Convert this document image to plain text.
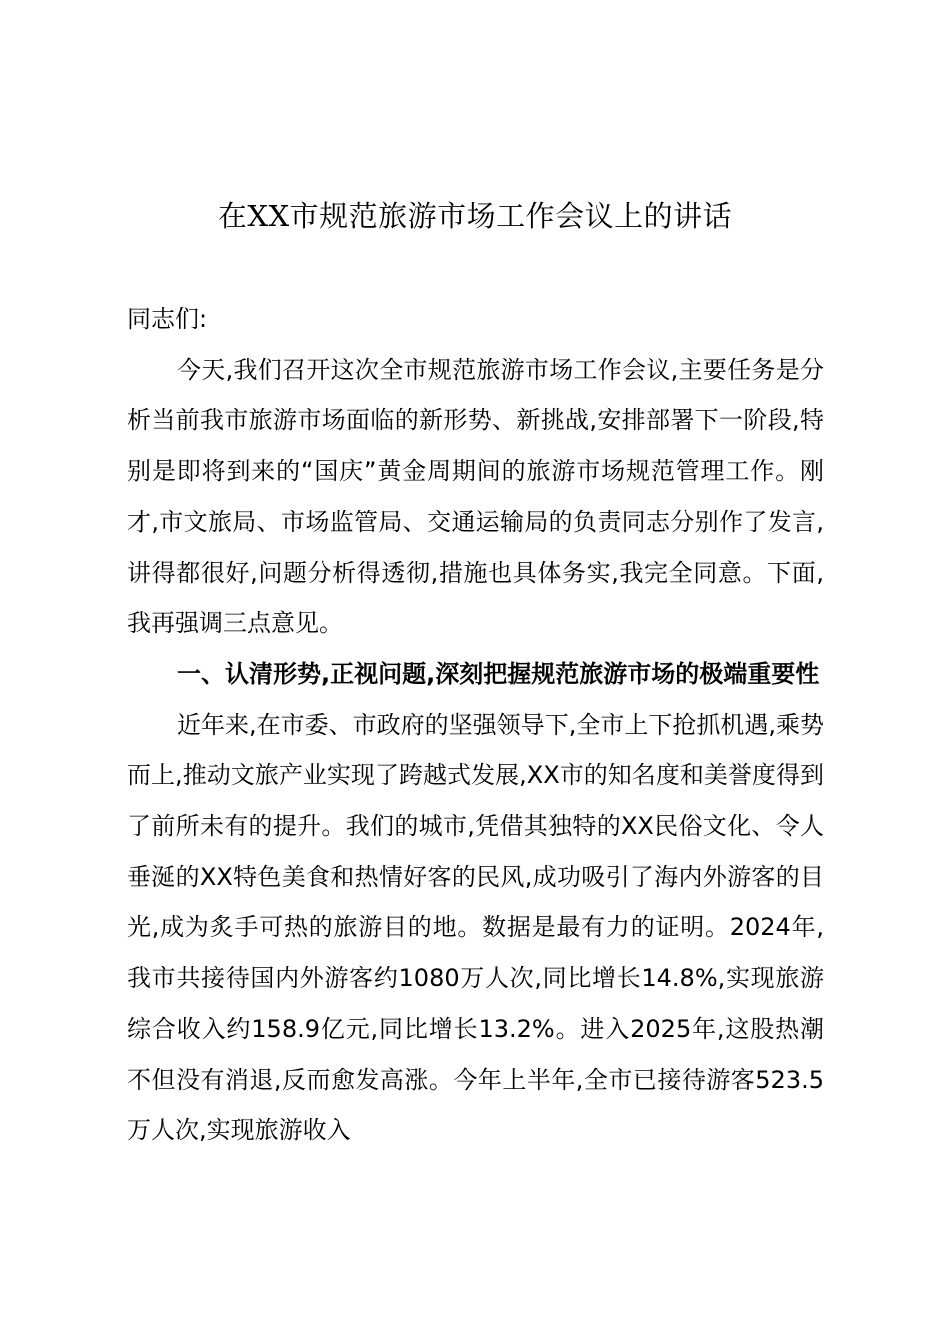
在XX市规范旅游市场工作会议上的讲话

同志们:

今天,我们召开这次全市规范旅游市场工作会议,主要任务是分析当前我市旅游市场面临的新形势、新挑战,安排部署下一阶段,特别是即将到来的“国庆”黄金周期间的旅游市场规范管理工作。刚才,市文旅局、市场监管局、交通运输局的负责同志分别作了发言,讲得都很好,问题分析得透彻,措施也具体务实,我完全同意。下面,我再强调三点意见。

一、认清形势,正视问题,深刻把握规范旅游市场的极端重要性

近年来,在市委、市政府的坚强领导下,全市上下抢抓机遇,乘势而上,推动文旅产业实现了跨越式发展,XX市的知名度和美誉度得到了前所未有的提升。我们的城市,凭借其独特的XX民俗文化、令人垂涎的XX特色美食和热情好客的民风,成功吸引了海内外游客的目光,成为炙手可热的旅游目的地。数据是最有力的证明。2024年,我市共接待国内外游客约1080万人次,同比增长14.8%,实现旅游综合收入约158.9亿元,同比增长13.2%。进入2025年,这股热潮不但没有消退,反而愈发高涨。今年上半年,全市已接待游客523.5万人次,实现旅游收入
